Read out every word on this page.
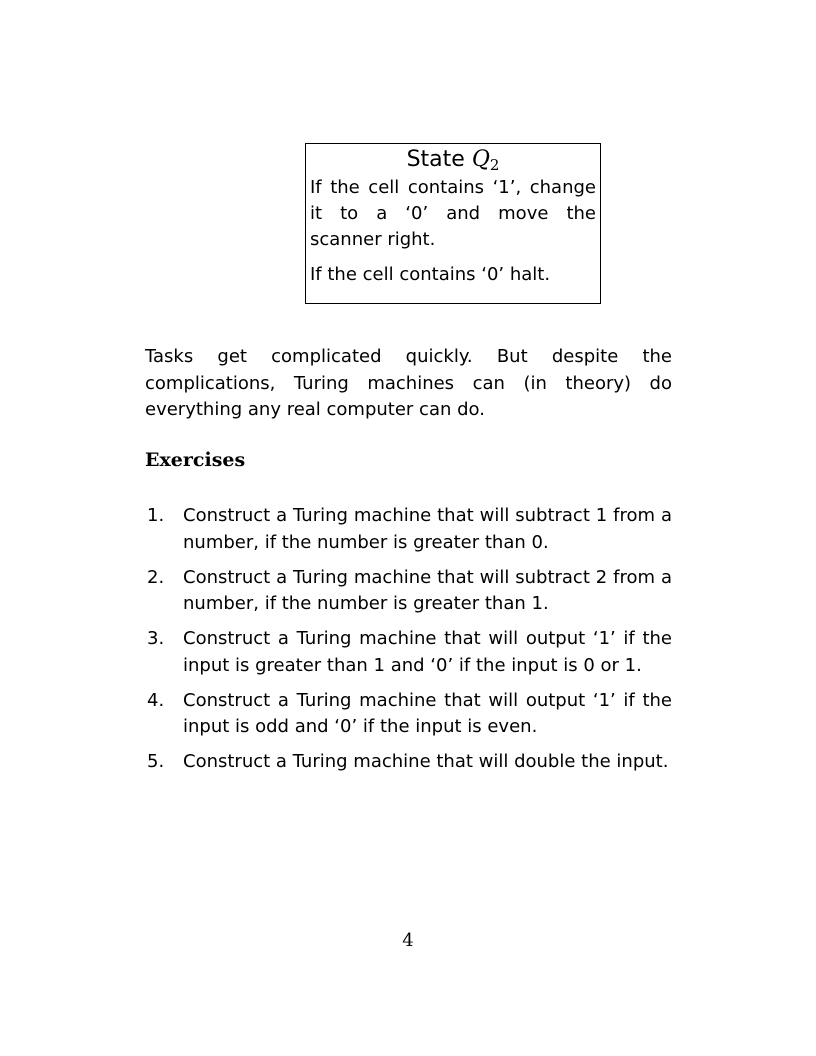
State $Q_2$

If the cell contains ‘1’, change it to a ‘0’ and move the scanner right.

If the cell contains ‘0’ halt.

Tasks get complicated quickly. But despite the complications, Turing machines can (in theory) do everything any real computer can do.

Exercises
1.	Construct a Turing machine that will subtract 1 from a number, if the number is greater than 0.
2.	Construct a Turing machine that will subtract 2 from a number, if the number is greater than 1.
3.	Construct a Turing machine that will output ‘1’ if the input is greater than 1 and ‘0’ if the input is 0 or 1.
4.	Construct a Turing machine that will output ‘1’ if the input is odd and ‘0’ if the input is even.
5.	Construct a Turing machine that will double the input.

4
